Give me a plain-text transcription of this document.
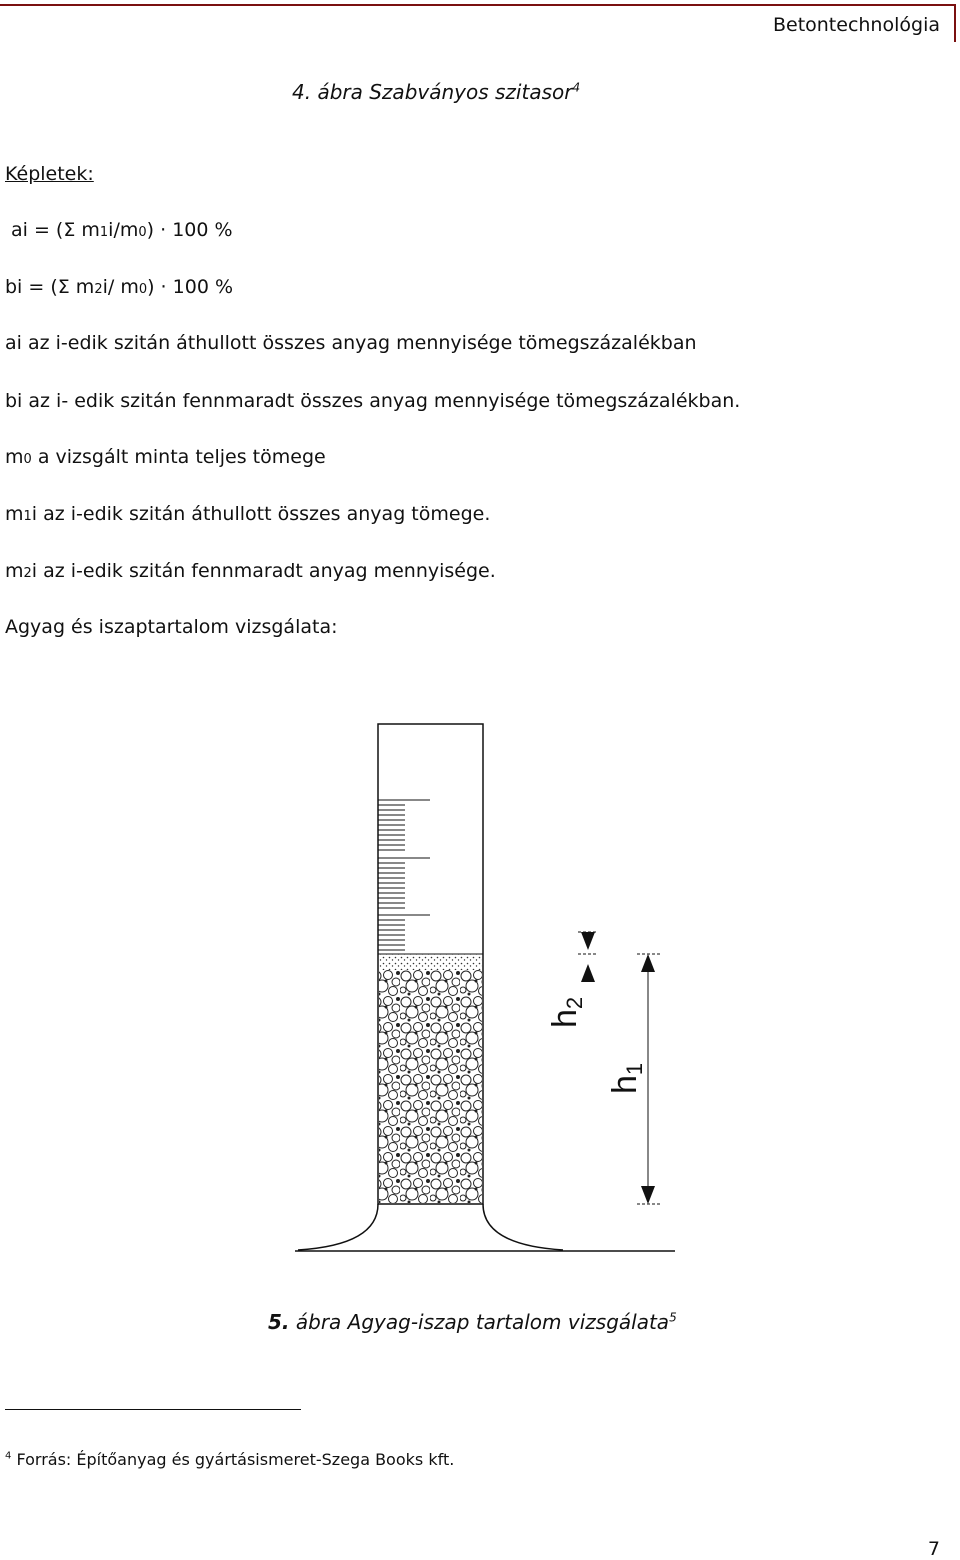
Betontechnológia
4. ábra Szabványos szitasor$^4$
Képletek:
ai = (Σ m1i/m0) · 100 %
bi = (Σ m2i/ m0) · 100 %
ai az i-edik szitán áthullott összes anyag mennyisége tömegszázalékban
bi az i- edik szitán fennmaradt összes anyag mennyisége tömegszázalékban.
m0 a vizsgált minta teljes tömege
m1i az i-edik szitán áthullott összes anyag tömege.
m2i az i-edik szitán fennmaradt anyag mennyisége.
Agyag és iszaptartalom vizsgálata:
h2
h1
5. ábra Agyag-iszap tartalom vizsgálata$^5$
$^4$ Forrás: Építőanyag és gyártásismeret-Szega Books kft.
7
